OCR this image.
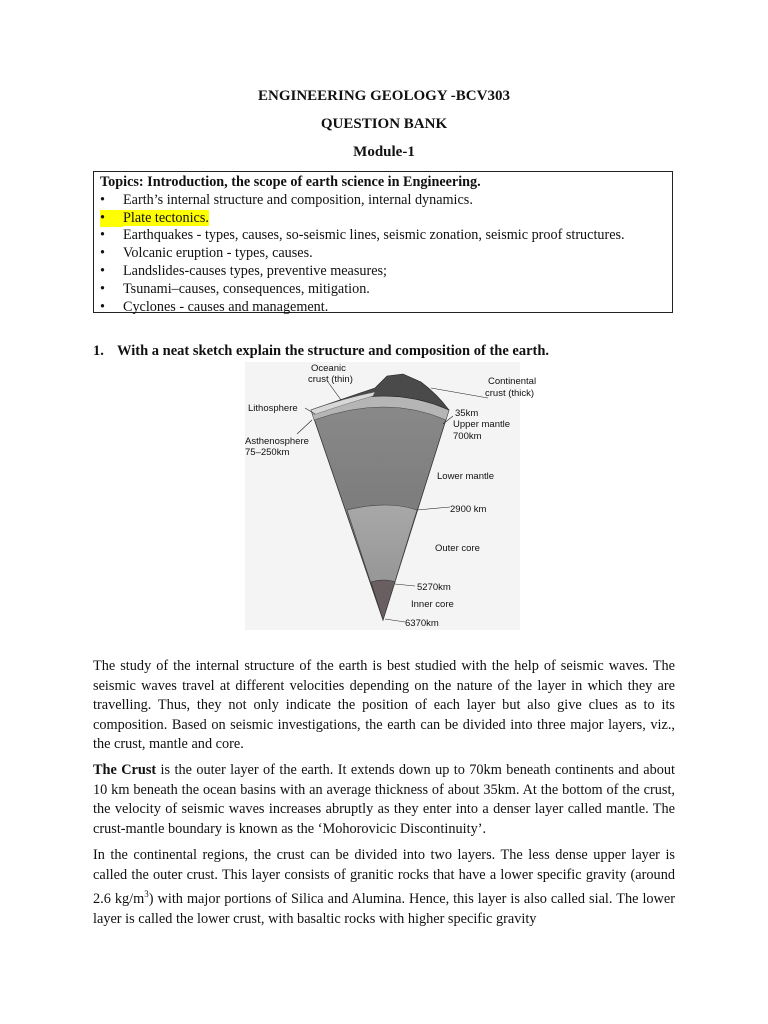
ENGINEERING GEOLOGY -BCV303
QUESTION BANK
Module-1
Topics: Introduction, the scope of earth science in Engineering.
• Earth’s internal structure and composition, internal dynamics.
•	Plate tectonics.
• Earthquakes - types, causes, so-seismic lines, seismic zonation, seismic proof structures.
• Volcanic eruption - types, causes.
• Landslides-causes types, preventive measures;
• Tsunami–causes, consequences, mitigation.
• Cyclones - causes and management.
1. With a neat sketch explain the structure and composition of the earth.
Oceanic
crust (thin)	Continental
crust (thick)
Lithosphere
Asthenosphere
75–250km
35km
Upper mantle
700km
Lower mantle
2900 km
Outer core
5270km
Inner core
6370km

The study of the internal structure of the earth is best studied with the help of seismic waves. The seismic waves travel at different velocities depending on the nature of the layer in which they are travelling. Thus, they not only indicate the position of each layer but also give clues as to its composition. Based on seismic investigations, the earth can be divided into three major layers, viz., the crust, mantle and core.

The Crust is the outer layer of the earth. It extends down up to 70km beneath continents and about 10 km beneath the ocean basins with an average thickness of about 35km. At the bottom of the crust, the velocity of seismic waves increases abruptly as they enter into a denser layer called mantle. The crust-mantle boundary is known as the ‘Mohorovicic Discontinuity’.

In the continental regions, the crust can be divided into two layers. The less dense upper layer is called the outer crust. This layer consists of granitic rocks that have a lower specific gravity (around 2.6 $kg/m^3$) with major portions of Silica and Alumina. Hence, this layer is also called sial. The lower layer is called the lower crust, with basaltic rocks with higher specific gravity
